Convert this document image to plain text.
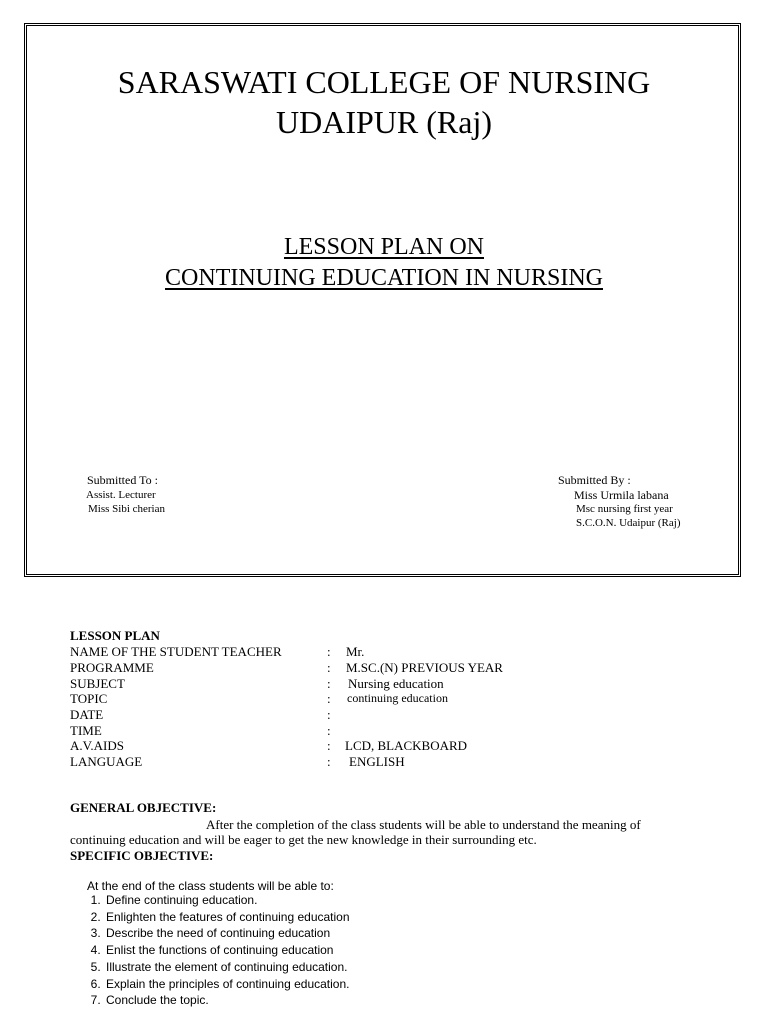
SARASWATI COLLEGE OF NURSING
UDAIPUR (Raj)
LESSON PLAN ON
CONTINUING EDUCATION IN NURSING
Submitted To :
Assist. Lecturer
Miss Sibi cherian
Submitted By :
Miss Urmila labana
Msc nursing first year
S.C.O.N. Udaipur (Raj)
LESSON PLAN
NAME OF THE STUDENT TEACHER	: Mr.
PROGRAMME	: M.SC.(N) PREVIOUS YEAR
SUBJECT	: Nursing education
TOPIC	: continuing education
DATE	:
TIME	:
A.V.AIDS	: LCD, BLACKBOARD
LANGUAGE	: ENGLISH
GENERAL OBJECTIVE:
After the completion of the class students will be able to understand the meaning of
continuing education and will be eager to get the new knowledge in their surrounding etc.
SPECIFIC OBJECTIVE:
At the end of the class students will be able to:
1. Define continuing education.
2. Enlighten the features of continuing education
3. Describe the need of continuing education
4. Enlist the functions of continuing education
5. Illustrate the element of continuing education.
6. Explain the principles of continuing education.
7. Conclude the topic.
